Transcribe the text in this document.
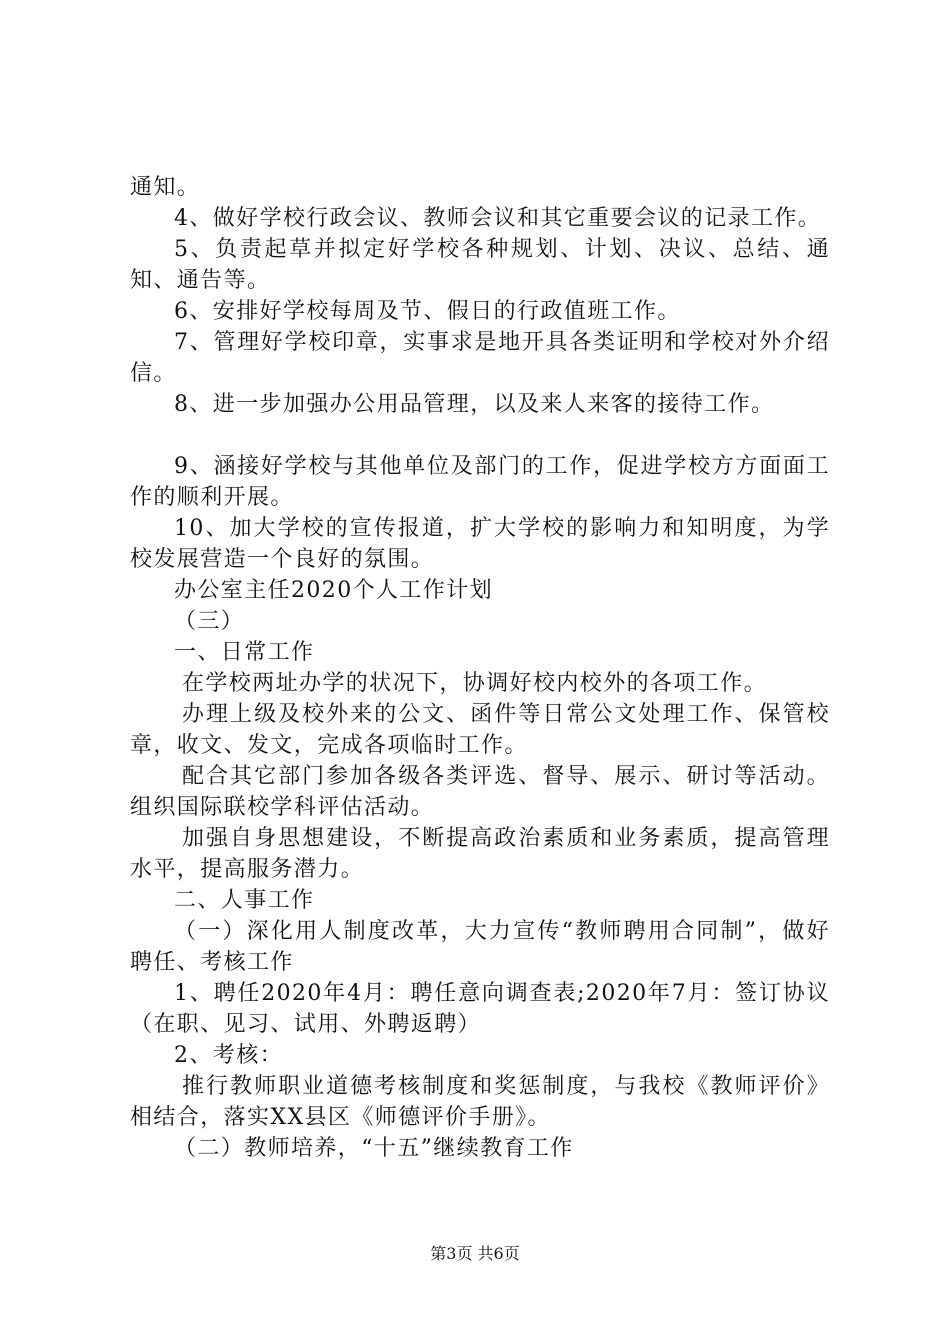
通知。

4、做好学校行政会议、教师会议和其它重要会议的记录工作。

5、负责起草并拟定好学校各种规划、计划、决议、总结、通知、通告等。

6、安排好学校每周及节、假日的行政值班工作。

7、管理好学校印章，实事求是地开具各类证明和学校对外介绍信。

8、进一步加强办公用品管理，以及来人来客的接待工作。

9、涵接好学校与其他单位及部门的工作，促进学校方方面面工作的顺利开展。

10、加大学校的宣传报道，扩大学校的影响力和知明度，为学校发展营造一个良好的氛围。

办公室主任2020个人工作计划

（三）

一、日常工作

在学校两址办学的状况下，协调好校内校外的各项工作。

办理上级及校外来的公文、函件等日常公文处理工作、保管校章，收文、发文，完成各项临时工作。

配合其它部门参加各级各类评选、督导、展示、研讨等活动。组织国际联校学科评估活动。

加强自身思想建设，不断提高政治素质和业务素质，提高管理水平，提高服务潜力。

二、人事工作

（一）深化用人制度改革，大力宣传“教师聘用合同制”，做好聘任、考核工作

1、聘任2020年4月：聘任意向调查表;2020年7月：签订协议（在职、见习、试用、外聘返聘）

2、考核：

推行教师职业道德考核制度和奖惩制度，与我校《教师评价》相结合，落实XX县区《师德评价手册》。

（二）教师培养，“十五”继续教育工作

第3页 共6页
